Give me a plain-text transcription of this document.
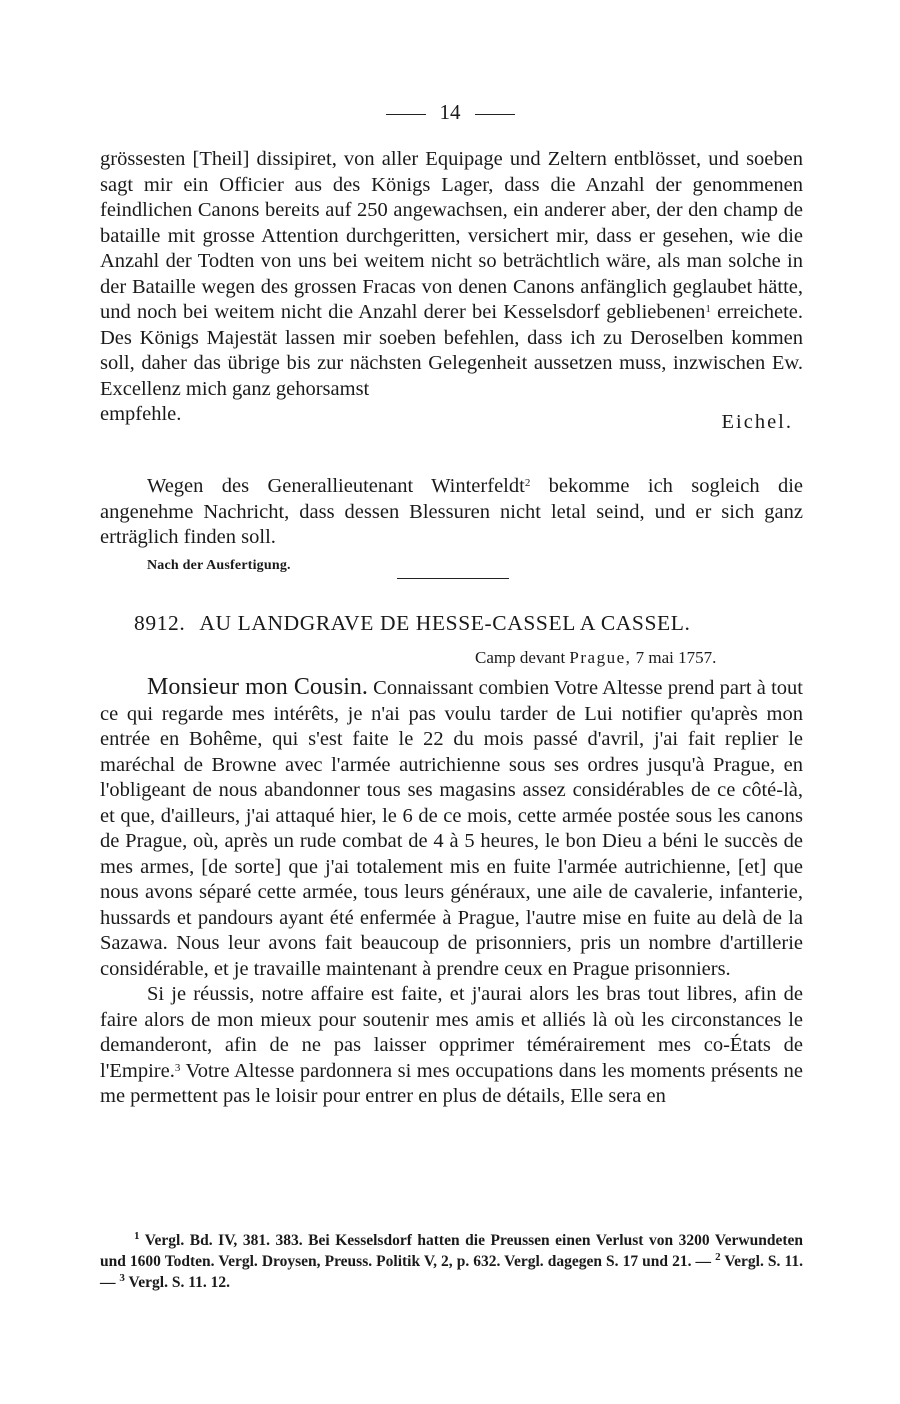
14
grössesten [Theil] dissipiret, von aller Equipage und Zeltern entblösset, und soeben sagt mir ein Officier aus des Königs Lager, dass die Anzahl der genommenen feindlichen Canons bereits auf 250 angewachsen, ein anderer aber, der den champ de bataille mit grosse Attention durchgeritten, versichert mir, dass er gesehen, wie die Anzahl der Todten von uns bei weitem nicht so beträchtlich wäre, als man solche in der Bataille wegen des grossen Fracas von denen Canons anfänglich geglaubet hätte, und noch bei weitem nicht die Anzahl derer bei Kesselsdorf gebliebenen$^1$ erreichete. Des Königs Majestät lassen mir soeben befehlen, dass ich zu Deroselben kommen soll, daher das übrige bis zur nächsten Gelegenheit aussetzen muss, inzwischen Ew. Excellenz mich ganz gehorsamst
empfehle.	Eichel.
Wegen des Generallieutenant Winterfeldt$^2$ bekomme ich sogleich die angenehme Nachricht, dass dessen Blessuren nicht letal seind, und er sich ganz erträglich finden soll.
Nach der Ausfertigung.
8912. AU LANDGRAVE DE HESSE-CASSEL A CASSEL.
Camp devant Prague, 7 mai 1757.
Monsieur mon Cousin. Connaissant combien Votre Altesse prend part à tout ce qui regarde mes intérêts, je n'ai pas voulu tarder de Lui notifier qu'après mon entrée en Bohême, qui s'est faite le 22 du mois passé d'avril, j'ai fait replier le maréchal de Browne avec l'armée autrichienne sous ses ordres jusqu'à Prague, en l'obligeant de nous abandonner tous ses magasins assez considérables de ce côté-là, et que, d'ailleurs, j'ai attaqué hier, le 6 de ce mois, cette armée postée sous les canons de Prague, où, après un rude combat de 4 à 5 heures, le bon Dieu a béni le succès de mes armes, [de sorte] que j'ai totalement mis en fuite l'armée autrichienne, [et] que nous avons séparé cette armée, tous leurs généraux, une aile de cavalerie, infanterie, hussards et pandours ayant été enfermée à Prague, l'autre mise en fuite au delà de la Sazawa. Nous leur avons fait beaucoup de prisonniers, pris un nombre d'artillerie considérable, et je travaille maintenant à prendre ceux en Prague prisonniers.
Si je réussis, notre affaire est faite, et j'aurai alors les bras tout libres, afin de faire alors de mon mieux pour soutenir mes amis et alliés là où les circonstances le demanderont, afin de ne pas laisser opprimer témérairement mes co-États de l'Empire.$^3$ Votre Altesse pardonnera si mes occupations dans les moments présents ne me permettent pas le loisir pour entrer en plus de détails, Elle sera en
$^1$ Vergl. Bd. IV, 381. 383. Bei Kesselsdorf hatten die Preussen einen Verlust von 3200 Verwundeten und 1600 Todten. Vergl. Droysen, Preuss. Politik V, 2, p. 632. Vergl. dagegen S. 17 und 21. — $^2$ Vergl. S. 11. — $^3$ Vergl. S. 11. 12.
